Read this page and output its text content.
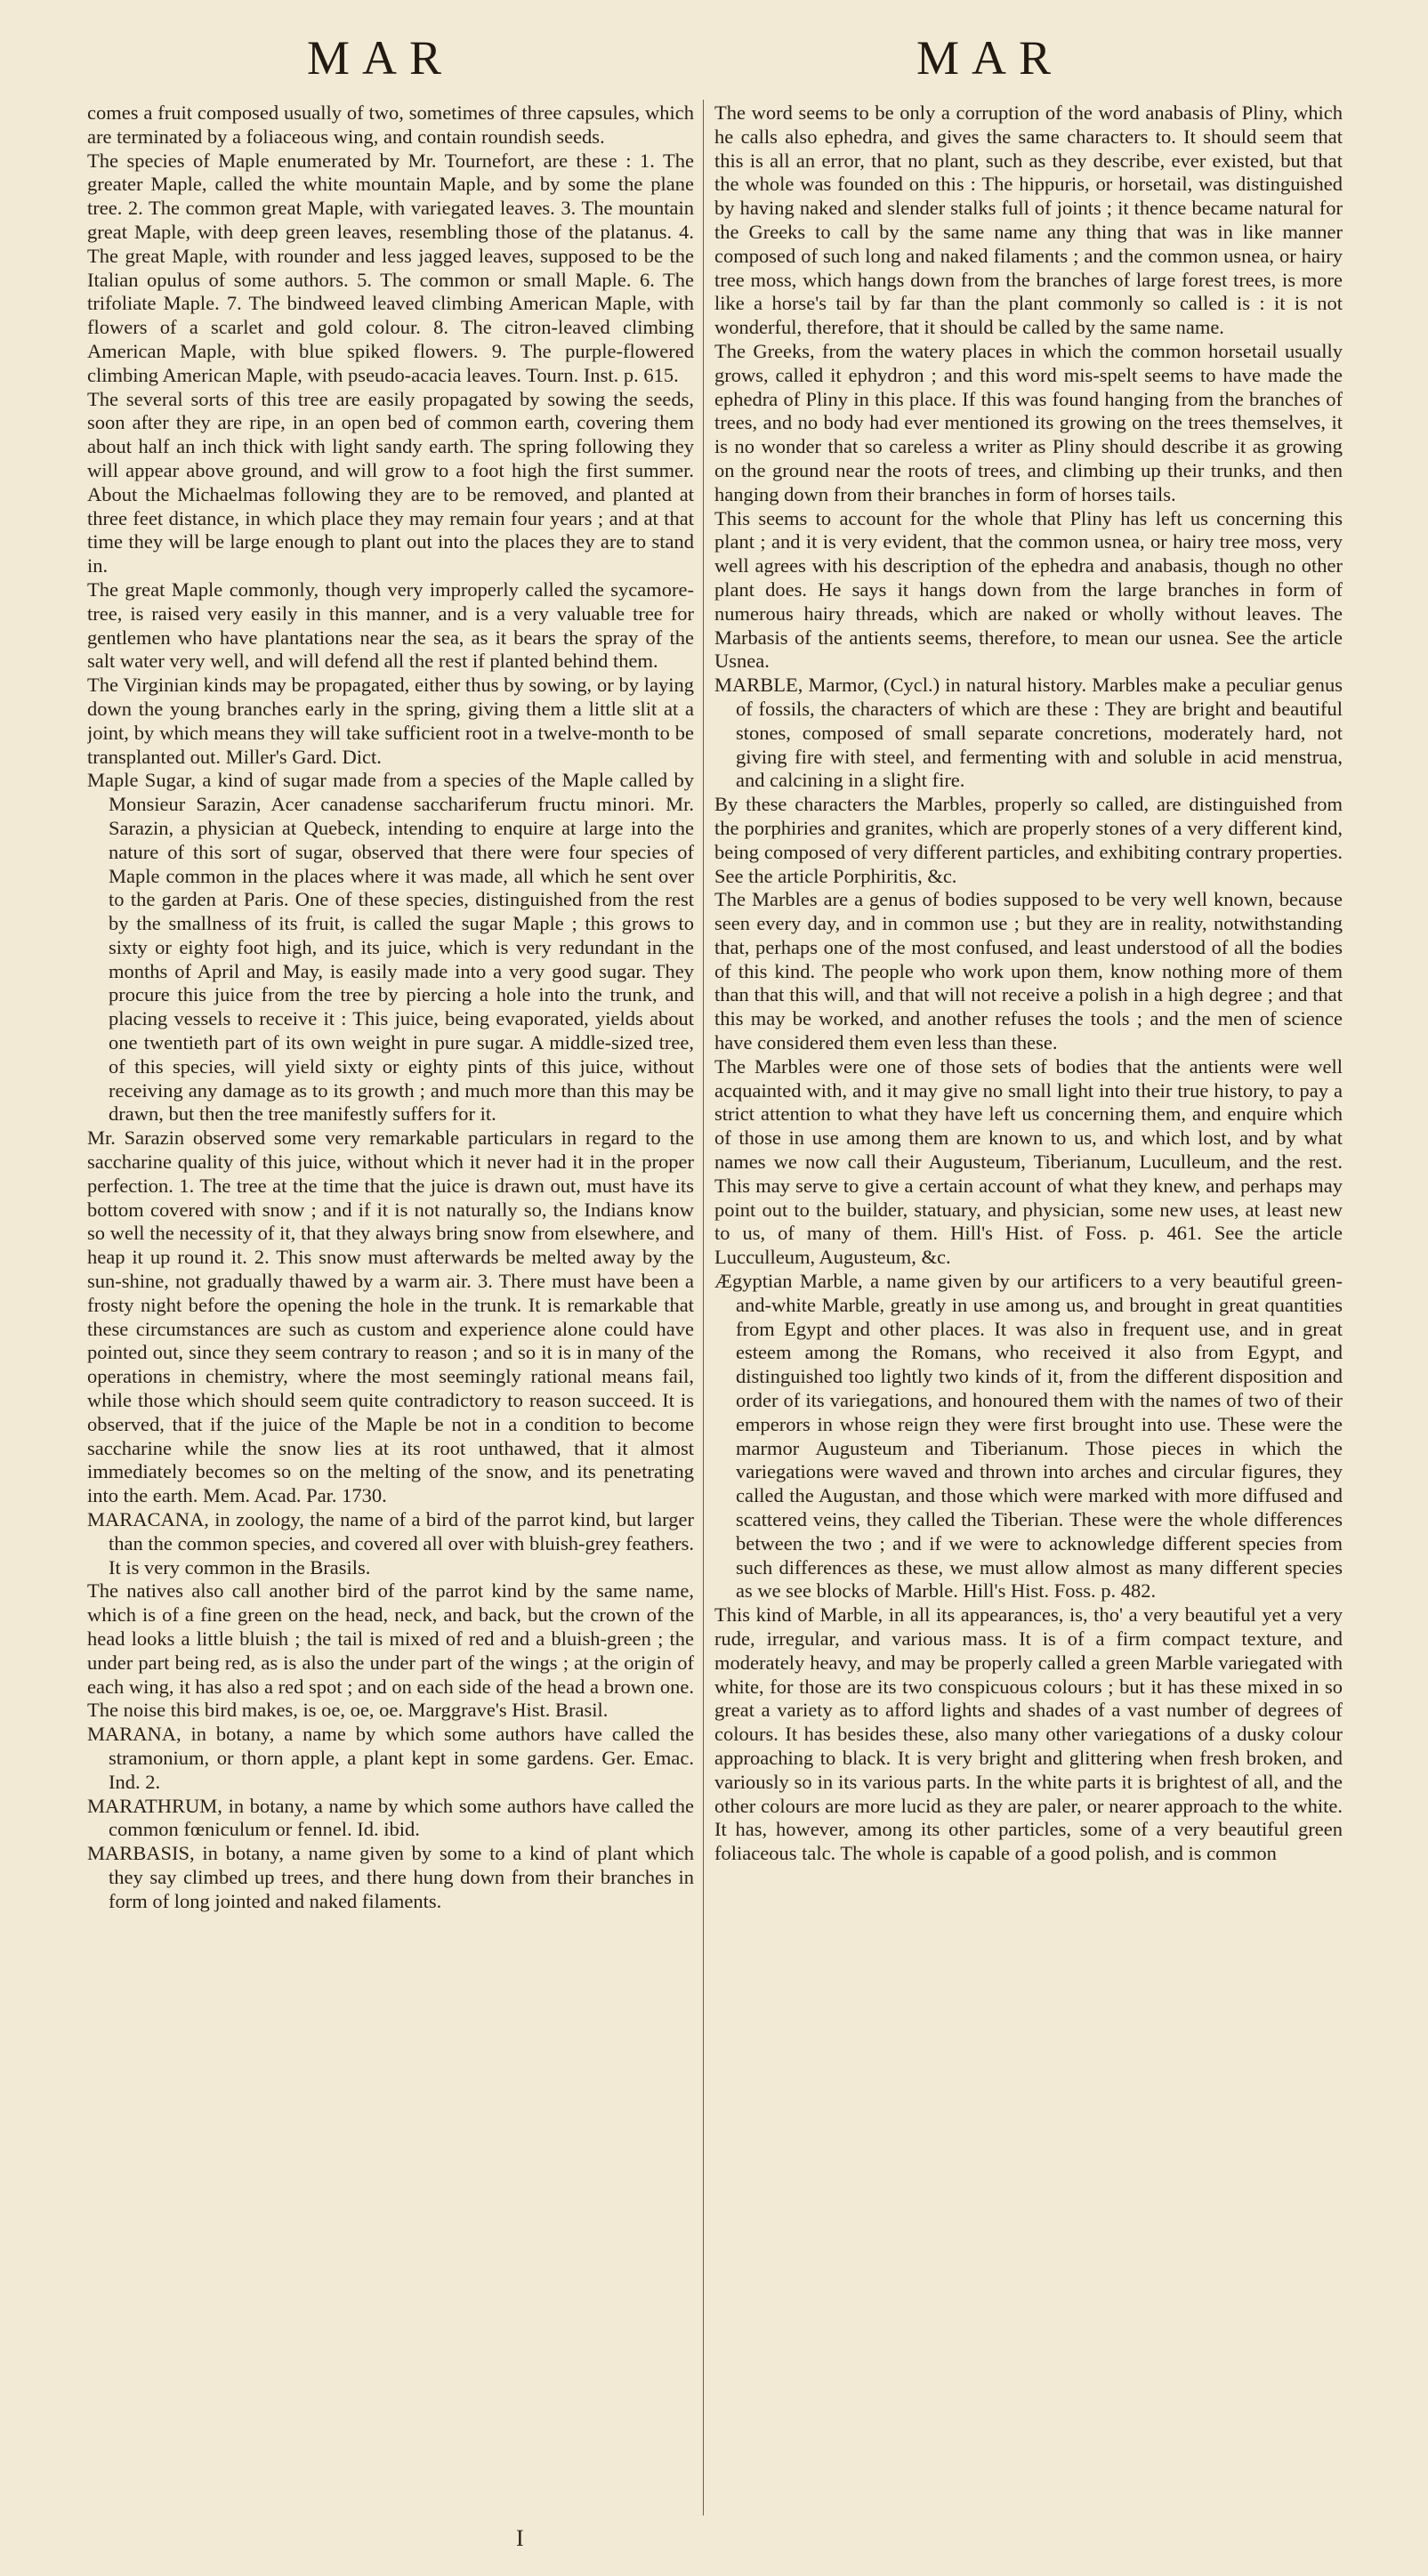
MAR	MAR

comes a fruit composed usually of two, sometimes of three capsules, which are terminated by a foliaceous wing, and contain roundish seeds.

The species of Maple enumerated by Mr. Tournefort, are these : 1. The greater Maple, called the white mountain Maple, and by some the plane tree. 2. The common great Maple, with variegated leaves. 3. The mountain great Maple, with deep green leaves, resembling those of the platanus. 4. The great Maple, with rounder and less jagged leaves, supposed to be the Italian opulus of some authors. 5. The common or small Maple. 6. The trifoliate Maple. 7. The bindweed leaved climbing American Maple, with flowers of a scarlet and gold colour. 8. The citron-leaved climbing American Maple, with blue spiked flowers. 9. The purple-flowered climbing American Maple, with pseudo-acacia leaves. Tourn. Inst. p. 615.

The several sorts of this tree are easily propagated by sowing the seeds, soon after they are ripe, in an open bed of common earth, covering them about half an inch thick with light sandy earth. The spring following they will appear above ground, and will grow to a foot high the first summer. About the Michaelmas following they are to be removed, and planted at three feet distance, in which place they may remain four years ; and at that time they will be large enough to plant out into the places they are to stand in.

The great Maple commonly, though very improperly called the sycamore-tree, is raised very easily in this manner, and is a very valuable tree for gentlemen who have plantations near the sea, as it bears the spray of the salt water very well, and will defend all the rest if planted behind them.

The Virginian kinds may be propagated, either thus by sowing, or by laying down the young branches early in the spring, giving them a little slit at a joint, by which means they will take sufficient root in a twelve-month to be transplanted out. Miller's Gard. Dict.

Maple Sugar, a kind of sugar made from a species of the Maple called by Monsieur Sarazin, Acer canadense sacchariferum fructu minori. Mr. Sarazin, a physician at Quebeck, intending to enquire at large into the nature of this sort of sugar, observed that there were four species of Maple common in the places where it was made, all which he sent over to the garden at Paris. One of these species, distinguished from the rest by the smallness of its fruit, is called the sugar Maple ; this grows to sixty or eighty foot high, and its juice, which is very redundant in the months of April and May, is easily made into a very good sugar. They procure this juice from the tree by piercing a hole into the trunk, and placing vessels to receive it : This juice, being evaporated, yields about one twentieth part of its own weight in pure sugar. A middle-sized tree, of this species, will yield sixty or eighty pints of this juice, without receiving any damage as to its growth ; and much more than this may be drawn, but then the tree manifestly suffers for it.

Mr. Sarazin observed some very remarkable particulars in regard to the saccharine quality of this juice, without which it never had it in the proper perfection. 1. The tree at the time that the juice is drawn out, must have its bottom covered with snow ; and if it is not naturally so, the Indians know so well the necessity of it, that they always bring snow from elsewhere, and heap it up round it. 2. This snow must afterwards be melted away by the sun-shine, not gradually thawed by a warm air. 3. There must have been a frosty night before the opening the hole in the trunk. It is remarkable that these circumstances are such as custom and experience alone could have pointed out, since they seem contrary to reason ; and so it is in many of the operations in chemistry, where the most seemingly rational means fail, while those which should seem quite contradictory to reason succeed. It is observed, that if the juice of the Maple be not in a condition to become saccharine while the snow lies at its root unthawed, that it almost immediately becomes so on the melting of the snow, and its penetrating into the earth. Mem. Acad. Par. 1730.

MARACANA, in zoology, the name of a bird of the parrot kind, but larger than the common species, and covered all over with bluish-grey feathers. It is very common in the Brasils.

The natives also call another bird of the parrot kind by the same name, which is of a fine green on the head, neck, and back, but the crown of the head looks a little bluish ; the tail is mixed of red and a bluish-green ; the under part being red, as is also the under part of the wings ; at the origin of each wing, it has also a red spot ; and on each side of the head a brown one. The noise this bird makes, is oe, oe, oe. Marggrave's Hist. Brasil.

MARANA, in botany, a name by which some authors have called the stramonium, or thorn apple, a plant kept in some gardens. Ger. Emac. Ind. 2.

MARATHRUM, in botany, a name by which some authors have called the common fœniculum or fennel. Id. ibid.

MARBASIS, in botany, a name given by some to a kind of plant which they say climbed up trees, and there hung down from their branches in form of long jointed and naked filaments.

The word seems to be only a corruption of the word anabasis of Pliny, which he calls also ephedra, and gives the same characters to. It should seem that this is all an error, that no plant, such as they describe, ever existed, but that the whole was founded on this : The hippuris, or horsetail, was distinguished by having naked and slender stalks full of joints ; it thence became natural for the Greeks to call by the same name any thing that was in like manner composed of such long and naked filaments ; and the common usnea, or hairy tree moss, which hangs down from the branches of large forest trees, is more like a horse's tail by far than the plant commonly so called is : it is not wonderful, therefore, that it should be called by the same name.

The Greeks, from the watery places in which the common horsetail usually grows, called it ephydron ; and this word mis-spelt seems to have made the ephedra of Pliny in this place. If this was found hanging from the branches of trees, and no body had ever mentioned its growing on the trees themselves, it is no wonder that so careless a writer as Pliny should describe it as growing on the ground near the roots of trees, and climbing up their trunks, and then hanging down from their branches in form of horses tails.

This seems to account for the whole that Pliny has left us concerning this plant ; and it is very evident, that the common usnea, or hairy tree moss, very well agrees with his description of the ephedra and anabasis, though no other plant does. He says it hangs down from the large branches in form of numerous hairy threads, which are naked or wholly without leaves. The Marbasis of the antients seems, therefore, to mean our usnea. See the article Usnea.

MARBLE, Marmor, (Cycl.) in natural history. Marbles make a peculiar genus of fossils, the characters of which are these : They are bright and beautiful stones, composed of small separate concretions, moderately hard, not giving fire with steel, and fermenting with and soluble in acid menstrua, and calcining in a slight fire.

By these characters the Marbles, properly so called, are distinguished from the porphiries and granites, which are properly stones of a very different kind, being composed of very different particles, and exhibiting contrary properties. See the article Porphiritis, &c.

The Marbles are a genus of bodies supposed to be very well known, because seen every day, and in common use ; but they are in reality, notwithstanding that, perhaps one of the most confused, and least understood of all the bodies of this kind. The people who work upon them, know nothing more of them than that this will, and that will not receive a polish in a high degree ; and that this may be worked, and another refuses the tools ; and the men of science have considered them even less than these.

The Marbles were one of those sets of bodies that the antients were well acquainted with, and it may give no small light into their true history, to pay a strict attention to what they have left us concerning them, and enquire which of those in use among them are known to us, and which lost, and by what names we now call their Augusteum, Tiberianum, Luculleum, and the rest. This may serve to give a certain account of what they knew, and perhaps may point out to the builder, statuary, and physician, some new uses, at least new to us, of many of them. Hill's Hist. of Foss. p. 461. See the article Lucculleum, Augusteum, &c.

Ægyptian Marble, a name given by our artificers to a very beautiful green-and-white Marble, greatly in use among us, and brought in great quantities from Egypt and other places. It was also in frequent use, and in great esteem among the Romans, who received it also from Egypt, and distinguished too lightly two kinds of it, from the different disposition and order of its variegations, and honoured them with the names of two of their emperors in whose reign they were first brought into use. These were the marmor Augusteum and Tiberianum. Those pieces in which the variegations were waved and thrown into arches and circular figures, they called the Augustan, and those which were marked with more diffused and scattered veins, they called the Tiberian. These were the whole differences between the two ; and if we were to acknowledge different species from such differences as these, we must allow almost as many different species as we see blocks of Marble. Hill's Hist. Foss. p. 482.

This kind of Marble, in all its appearances, is, tho' a very beautiful yet a very rude, irregular, and various mass. It is of a firm compact texture, and moderately heavy, and may be properly called a green Marble variegated with white, for those are its two conspicuous colours ; but it has these mixed in so great a variety as to afford lights and shades of a vast number of degrees of colours. It has besides these, also many other variegations of a dusky colour approaching to black. It is very bright and glittering when fresh broken, and variously so in its various parts. In the white parts it is brightest of all, and the other colours are more lucid as they are paler, or nearer approach to the white. It has, however, among its other particles, some of a very beautiful green foliaceous talc. The whole is capable of a good polish, and is common

I
